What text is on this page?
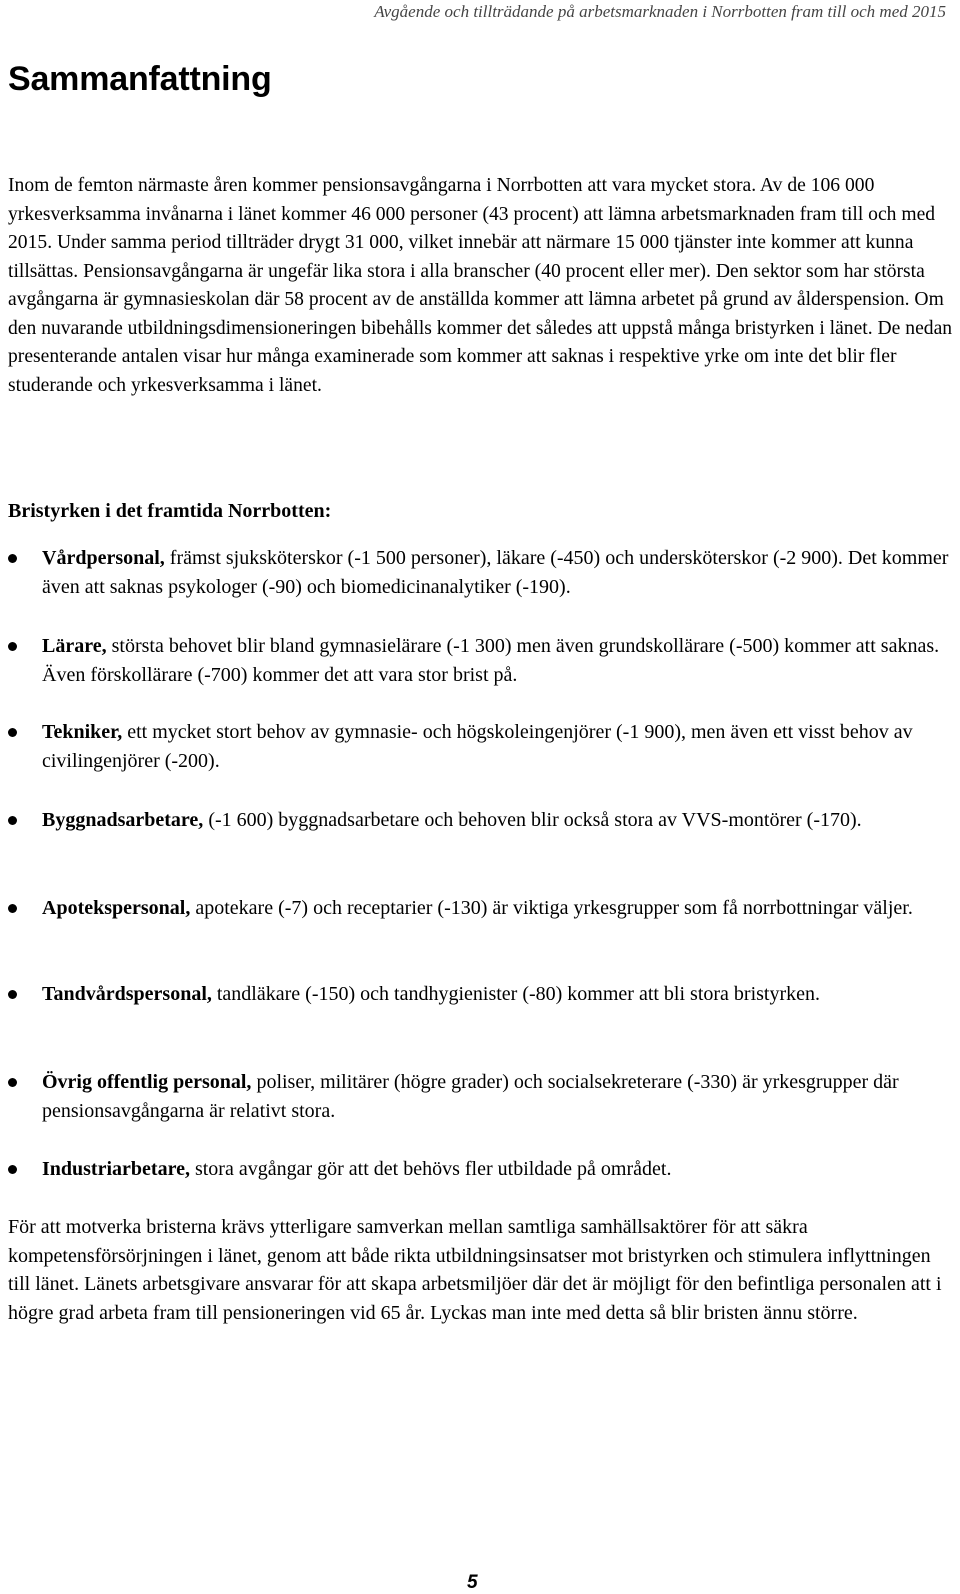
Avgående och tillträdande på arbetsmarknaden i Norrbotten fram till och med 2015
Sammanfattning

Inom de femton närmaste åren kommer pensionsavgångarna i Norrbotten att vara mycket stora. Av de 106 000 yrkesverksamma invånarna i länet kommer 46 000 personer (43 procent) att lämna arbetsmarknaden fram till och med 2015. Under samma period tillträder drygt 31 000, vilket innebär att närmare 15 000 tjänster inte kommer att kunna tillsättas. Pensionsavgångarna är ungefär lika stora i alla branscher (40 procent eller mer). Den sektor som har största avgångarna är gymnasieskolan där 58 procent av de anställda kommer att lämna arbetet på grund av ålderspension. Om den nuvarande utbildningsdimensioneringen bibehålls kommer det således att uppstå många bristyrken i länet. De nedan presenterande antalen visar hur många examinerade som kommer att saknas i respektive yrke om inte det blir fler studerande och yrkesverksamma i länet.

Bristyrken i det framtida Norrbotten:

Vårdpersonal, främst sjuksköterskor (-1 500 personer), läkare (-450) och undersköterskor (-2 900). Det kommer även att saknas psykologer (-90) och biomedicinanalytiker (-190).

Lärare, största behovet blir bland gymnasielärare (-1 300) men även grundskollärare (-500) kommer att saknas. Även förskollärare (-700) kommer det att vara stor brist på.

Tekniker, ett mycket stort behov av gymnasie- och högskoleingenjörer (-1 900), men även ett visst behov av civilingenjörer (-200).

Byggnadsarbetare, (-1 600) byggnadsarbetare och behoven blir också stora av VVS-montörer (-170).

Apotekspersonal, apotekare (-7) och receptarier (-130) är viktiga yrkesgrupper som få norrbottningar väljer.

Tandvårdspersonal, tandläkare (-150) och tandhygienister (-80) kommer att bli stora bristyrken.

Övrig offentlig personal, poliser, militärer (högre grader) och socialsekreterare (-330) är yrkesgrupper där pensionsavgångarna är relativt stora.

Industriarbetare, stora avgångar gör att det behövs fler utbildade på området.

För att motverka bristerna krävs ytterligare samverkan mellan samtliga samhällsaktörer för att säkra kompetensförsörjningen i länet, genom att både rikta utbildningsinsatser mot bristyrken och stimulera inflyttningen till länet. Länets arbetsgivare ansvarar för att skapa arbetsmiljöer där det är möjligt för den befintliga personalen att i högre grad arbeta fram till pensioneringen vid 65 år. Lyckas man inte med detta så blir bristen ännu större.

5
